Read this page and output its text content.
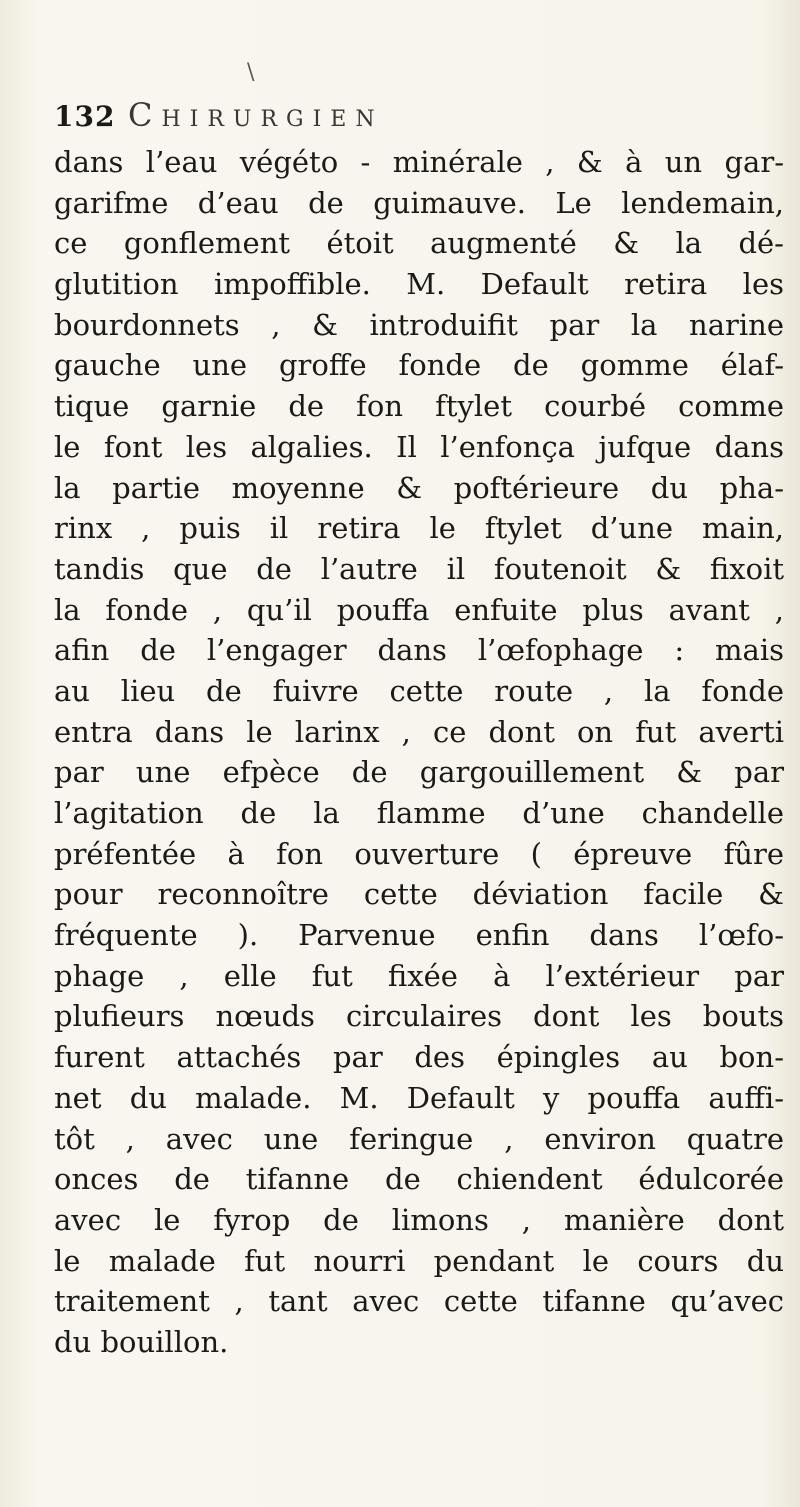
\
132 Chirurgien
dans l’eau végéto - minérale , & à un gar-
garifme d’eau de guimauve. Le lendemain,
ce gonflement étoit augmenté & la dé-
glutition impoffible. M. Default retira les
bourdonnets , & introduifit par la narine
gauche une groffe fonde de gomme élaf-
tique garnie de fon ftylet courbé comme
le font les algalies. Il l’enfonça jufque dans
la partie moyenne & poftérieure du pha-
rinx , puis il retira le ftylet d’une main,
tandis que de l’autre il foutenoit & fixoit
la fonde , qu’il pouffa enfuite plus avant ,
afin de l’engager dans l’œfophage : mais
au lieu de fuivre cette route , la fonde
entra dans le larinx , ce dont on fut averti
par une efpèce de gargouillement & par
l’agitation de la flamme d’une chandelle
préfentée à fon ouverture ( épreuve fûre
pour reconnoître cette déviation facile &
fréquente ). Parvenue enfin dans l’œfo-
phage , elle fut fixée à l’extérieur par
plufieurs nœuds circulaires dont les bouts
furent attachés par des épingles au bon-
net du malade. M. Default y pouffa auffi-
tôt , avec une feringue , environ quatre
onces de tifanne de chiendent édulcorée
avec le fyrop de limons , manière dont
le malade fut nourri pendant le cours du
traitement , tant avec cette tifanne qu’avec
du bouillon.
